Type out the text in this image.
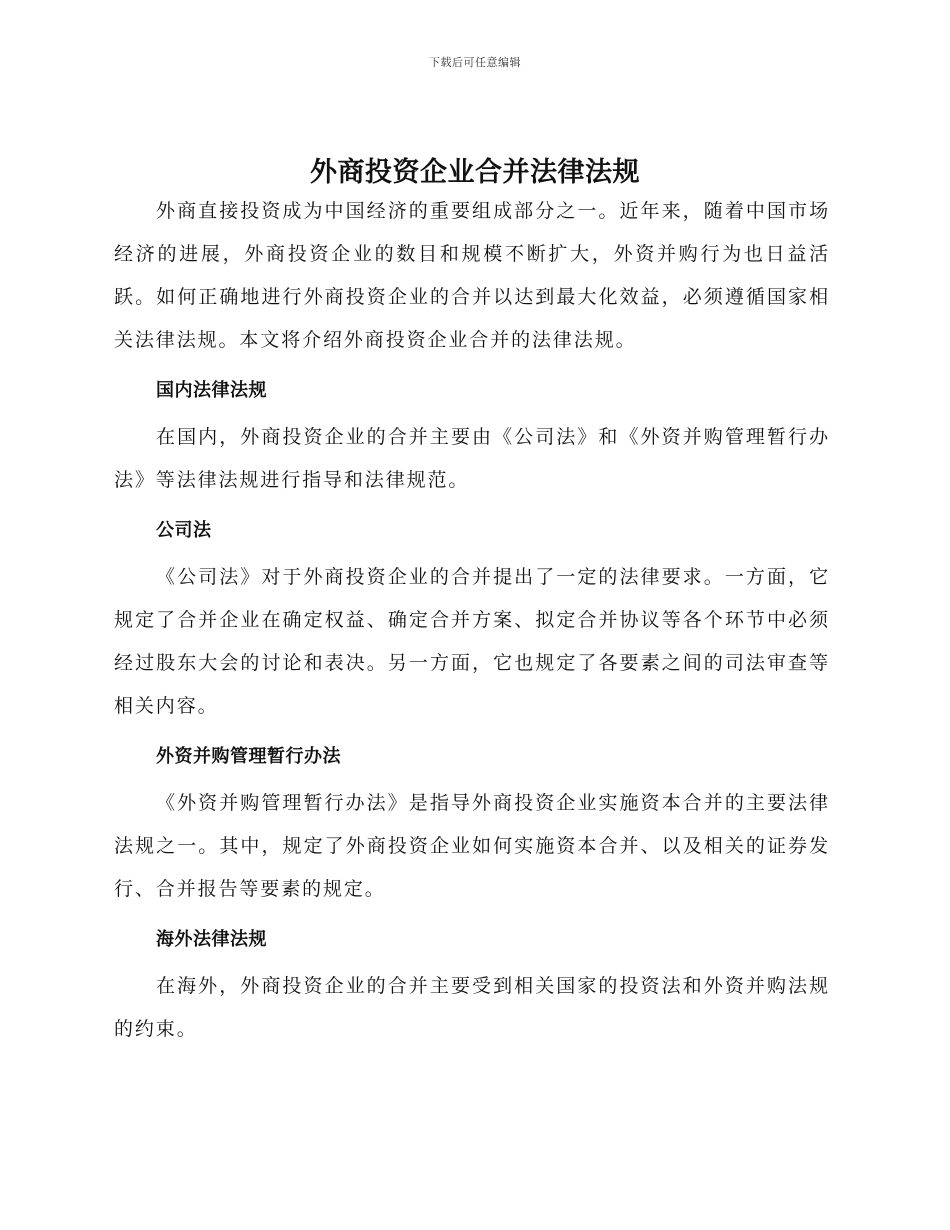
下载后可任意编辑
外商投资企业合并法律法规

外商直接投资成为中国经济的重要组成部分之一。近年来，随着中国市场经济的进展，外商投资企业的数目和规模不断扩大，外资并购行为也日益活跃。如何正确地进行外商投资企业的合并以达到最大化效益，必须遵循国家相关法律法规。本文将介绍外商投资企业合并的法律法规。

国内法律法规

在国内，外商投资企业的合并主要由《公司法》和《外资并购管理暂行办法》等法律法规进行指导和法律规范。

公司法

《公司法》对于外商投资企业的合并提出了一定的法律要求。一方面，它规定了合并企业在确定权益、确定合并方案、拟定合并协议等各个环节中必须经过股东大会的讨论和表决。另一方面，它也规定了各要素之间的司法审查等相关内容。

外资并购管理暂行办法

《外资并购管理暂行办法》是指导外商投资企业实施资本合并的主要法律法规之一。其中，规定了外商投资企业如何实施资本合并、以及相关的证券发行、合并报告等要素的规定。

海外法律法规

在海外，外商投资企业的合并主要受到相关国家的投资法和外资并购法规的约束。
